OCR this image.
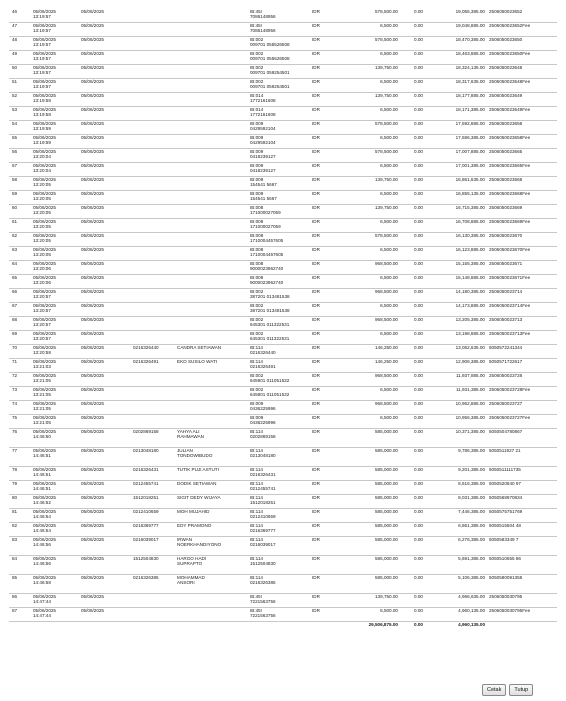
46	05/06/2025
13:19:57	05/06/2025			IB:45!
7086148956	IDR	578,500.00	0.00	19,055,385.00	2506050023652
47	05/06/2025
13:19:57	05/06/2025			IB:45!
7086148956	IDR	6,500.00	0.00	19,048,885.00	2506050023652Fee
48	05/06/2025
13:19:57	05/06/2025			IB:002
009701 055526508	IDR	578,500.00	0.00	18,470,385.00	2506050023650
49	05/06/2025
13:19:57	05/06/2025			IB:002
009701 055526508	IDR	6,500.00	0.00	18,463,885.00	2506050023650Fee
50	05/06/2025
13:19:57	05/06/2025			IB:002
009701 059254501	IDR	139,750.00	0.00	18,324,135.00	2506050023648
51	05/06/2025
13:19:57	05/06/2025			IB:002
009701 059254501	IDR	6,500.00	0.00	18,317,635.00	2506050023648Fee
52	05/06/2025
13:19:58	05/06/2025			IB:014
1772161608	IDR	139,750.00	0.00	18,177,885.00	2506050023649
53	05/06/2025
13:19:58	05/06/2025			IB:014
1772161608	IDR	6,500.00	0.00	18,171,385.00	2506050023649Fee
54	05/06/2025
13:19:59	05/06/2025			IB:009
0429592104	IDR	578,500.00	0.00	17,592,885.00	2506050023658
55	05/06/2025
13:19:59	05/06/2025			IB:009
0429592104	IDR	6,500.00	0.00	17,586,385.00	2506050023658Fee
56	05/06/2025
13:20:04	05/06/2025			IB:009
0418239127	IDR	578,500.00	0.00	17,007,885.00	2506050023665
57	05/06/2025
13:20:04	05/06/2025			IB:009
0418239127	IDR	6,500.00	0.00	17,001,385.00	2506050023665Fee
58	05/06/2025
13:20:05	05/06/2025			IB:009
154541 5667	IDR	139,750.00	0.00	16,861,635.00	2506050023668
59	05/06/2025
13:20:05	05/06/2025			IB:009
154541 5667	IDR	6,500.00	0.00	16,855,135.00	2506050023668Fee
60	05/06/2025
13:20:05	05/06/2025			IB:008
171000027059	IDR	139,750.00	0.00	16,715,385.00	2506050023669
61	05/06/2025
13:20:05	05/06/2025			IB:008
171000027059	IDR	6,500.00	0.00	16,708,885.00	2506050023669Fee
62	05/06/2025
13:20:05	05/06/2025			IB:008
1710004457605	IDR	578,500.00	0.00	16,130,385.00	2506050023670
63	05/06/2025
13:20:05	05/06/2025			IB:008
1710004457605	IDR	6,500.00	0.00	16,123,885.00	2506050023670Fee
64	05/06/2025
13:20:06	05/06/2025			IB:008
9000023962740	IDR	968,500.00	0.00	15,155,385.00	2506050023671
65	05/06/2025
13:20:06	05/06/2025			IB:008
9000023962740	IDR	6,500.00	0.00	15,148,885.00	2506050023671Fee
66	05/06/2025
13:20:57	05/06/2025			IB:002
387201 013481538	IDR	968,500.00	0.00	14,180,385.00	2506050023714
67	05/06/2025
13:20:57	05/06/2025			IB:002
387201 013481538	IDR	6,500.00	0.00	14,173,885.00	2506050023714Fee
68	05/06/2025
13:20:57	05/06/2025			IB:002
645301 011322531	IDR	968,500.00	0.00	13,205,385.00	2506050023713
69	05/06/2025
13:20:57	05/06/2025			IB:002
645301 011322531	IDR	6,500.00	0.00	13,198,885.00	2506050023713Fee
70	05/06/2025
13:20:58	05/06/2025	0216326440	CANDRA SETIAWAN	IB:114
0216326440	IDR	146,250.00	0.00	13,052,635.00	5050572241344
71	05/06/2025
13:21:03	05/06/2025	0216326491	EKO SUSILO WATI	IB:114
0216326491	IDR	146,250.00	0.00	12,906,385.00	5050571722617
72	05/06/2025
13:21:05	05/06/2025			IB:002
645901 011051532	IDR	968,500.00	0.00	11,937,885.00	2506050023728
73	05/06/2025
13:21:05	05/06/2025			IB:002
645901 011051532	IDR	6,500.00	0.00	11,931,385.00	2506050023728Fee
74	05/06/2025
13:21:05	05/06/2025			IB:009
0436225996	IDR	968,500.00	0.00	10,962,885.00	2506050023727
75	05/06/2025
13:21:05	05/06/2025			IB:009
0436225996	IDR	6,500.00	0.00	10,956,385.00	2506050023727Fee
76	05/06/2025
14:46:50	05/06/2025	0202869158	YAHYA ALI
RAHMAWAN	IB:114
0202869158	IDR	585,000.00	0.00	10,371,385.00	5050504780867
77	05/06/2025
14:46:51	05/06/2025	0213048180	JULIAN
TONDOWIBUDO	IB:114
0213048180	IDR	585,000.00	0.00	9,786,385.00	5050511927 21
78	05/06/2025
14:46:51	05/06/2025	0216326431	TUTIK PUJI ASTUTI	IB:114
0216326431	IDR	585,000.00	0.00	9,201,385.00	5050511111735
79	05/06/2025
14:46:51	05/06/2025	0212455741	DODIK SETIAWAN	IB:114
0212455741	IDR	585,000.00	0.00	8,616,385.00	5050520840 97
80	05/06/2025
14:46:52	05/06/2025	1512018251	SIGIT DEDY WIJAYA	IB:114
1512018251	IDR	585,000.00	0.00	8,031,385.00	5050568970834
81	05/06/2025
14:46:54	05/06/2025	0212410659	MOH MUJAHID	IB:114
0212410659	IDR	585,000.00	0.00	7,446,385.00	5050575751769
82	05/06/2025
14:46:54	05/06/2025	0216369777	EDY PRAMONO	IB:114
0216369777	IDR	585,000.00	0.00	6,861,385.00	5050515504 48
83	05/06/2025
14:46:56	05/06/2025	0216039017	IRWAN
NOERKHANDIYONO	IB:114
0216039017	IDR	585,000.00	0.00	6,276,385.00	5050583349 7
84	05/06/2025
14:46:56	05/06/2025	1512504830	HARGO HADI
SUPRAPTO	IB:114
1512504830	IDR	585,000.00	0.00	5,691,385.00	5050510655 86
85	05/06/2025
14:46:58	05/06/2025	0216326385	MOHAMMAD
ANSORI	IB:114
0216326385	IDR	585,000.00	0.00	5,106,385.00	5050580091358
86	05/06/2025
14:47:44	05/06/2025			IB:45!
7221563756	IDR	139,750.00	0.00	4,966,635.00	2506050030795
87	05/06/2025
14:47:44	05/06/2025			IB:45!
7221563756	IDR	6,500.00	0.00	4,960,135.00	2506050030795Fee
							29,506,875.00	0.00	4,960,135.00	
Cetak	Tutup
